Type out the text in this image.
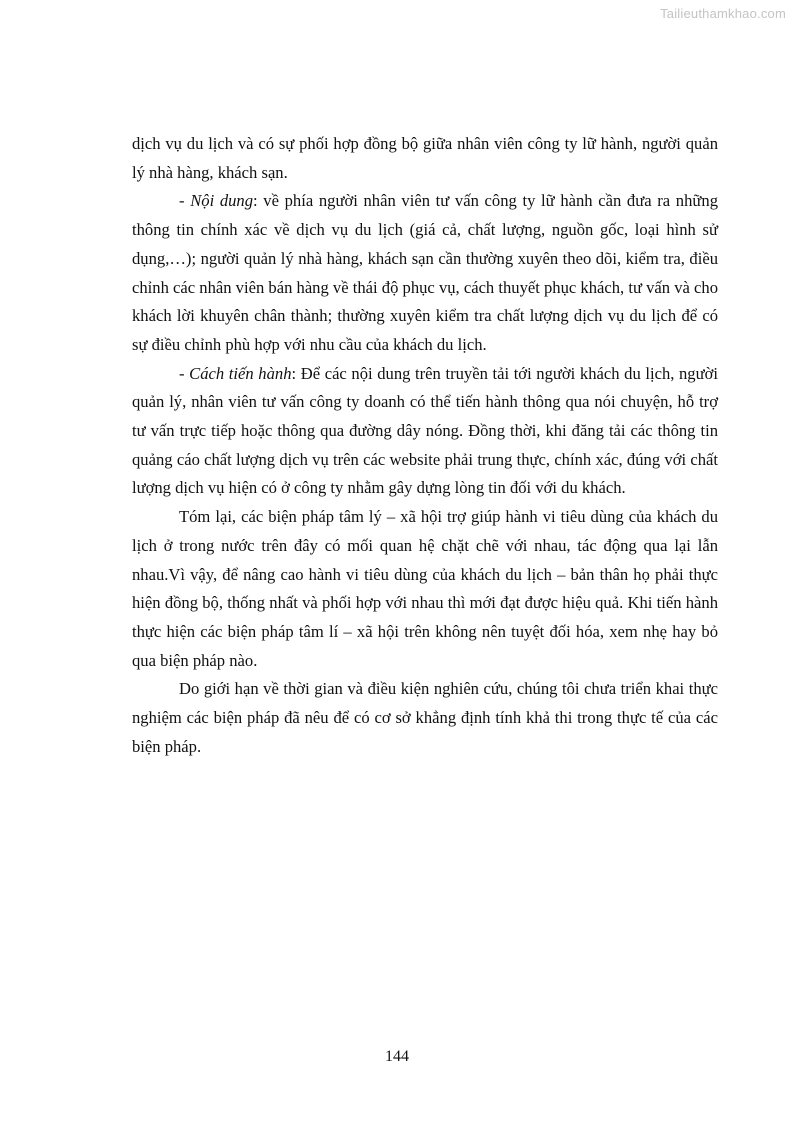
Tailieuthamkhao.com

dịch vụ du lịch và có sự phối hợp đồng bộ giữa nhân viên công ty lữ hành, người quản lý nhà hàng, khách sạn.

- Nội dung: về phía người nhân viên tư vấn công ty lữ hành cần đưa ra những thông tin chính xác về dịch vụ du lịch (giá cả, chất lượng, nguồn gốc, loại hình sử dụng,…); người quản lý nhà hàng, khách sạn cần thường xuyên theo dõi, kiểm tra, điều chỉnh các nhân viên bán hàng về thái độ phục vụ, cách thuyết phục khách, tư vấn và cho khách lời khuyên chân thành; thường xuyên kiểm tra chất lượng dịch vụ du lịch để có sự điều chỉnh phù hợp với nhu cầu của khách du lịch.

- Cách tiến hành: Để các nội dung trên truyền tải tới người khách du lịch, người quản lý, nhân viên tư vấn công ty doanh có thể tiến hành thông qua nói chuyện, hỗ trợ tư vấn trực tiếp hoặc thông qua đường dây nóng. Đồng thời, khi đăng tải các thông tin quảng cáo chất lượng dịch vụ trên các website phải trung thực, chính xác, đúng với chất lượng dịch vụ hiện có ở công ty nhằm gây dựng lòng tin đối với du khách.

Tóm lại, các biện pháp tâm lý – xã hội trợ giúp hành vi tiêu dùng của khách du lịch ở trong nước trên đây có mối quan hệ chặt chẽ với nhau, tác động qua lại lẫn nhau.Vì vậy, để nâng cao hành vi tiêu dùng của khách du lịch – bản thân họ phải thực hiện đồng bộ, thống nhất và phối hợp với nhau thì mới đạt được hiệu quả. Khi tiến hành thực hiện các biện pháp tâm lí – xã hội trên không nên tuyệt đối hóa, xem nhẹ hay bỏ qua biện pháp nào.

Do giới hạn về thời gian và điều kiện nghiên cứu, chúng tôi chưa triển khai thực nghiệm các biện pháp đã nêu để có cơ sở khẳng định tính khả thi trong thực tế của các biện pháp.

144
